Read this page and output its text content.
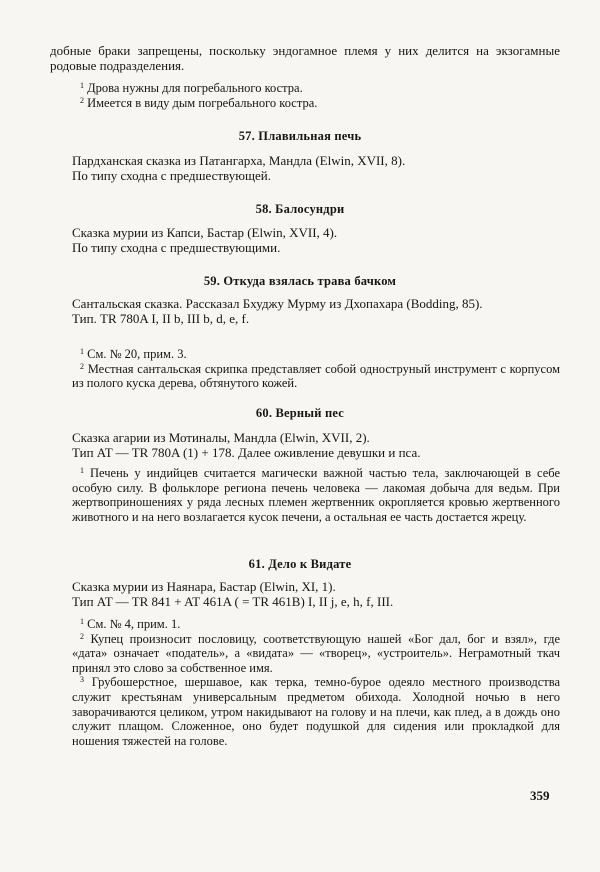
добные браки запрещены, поскольку эндогамное племя у них делится на экзогамные родовые подразделения.

$^1$ Дрова нужны для погребального костра.

$^2$ Имеется в виду дым погребального костра.

57. Плавильная печь

Пардханская сказка из Патангарха, Мандла (Elwin, XVII, 8).

По типу сходна с предшествующей.

58. Балосундри

Сказка мурии из Капси, Бастар (Elwin, XVII, 4).

По типу сходна с предшествующими.

59. Откуда взялась трава бачком

Сантальская сказка. Рассказал Бхуджу Мурму из Дхопахара (Bodding, 85).

Тип. TR 780A I, II b, III b, d, e, f.

$^1$ См. № 20, прим. 3.

$^2$ Местная сантальская скрипка представляет собой одноструный инструмент с корпусом из полого куска дерева, обтянутого кожей.

60. Верный пес

Сказка агарии из Мотиналы, Мандла (Elwin, XVII, 2).

Тип AT — TR 780A (1) + 178. Далее оживление девушки и пса.

$^1$ Печень у индийцев считается магически важной частью тела, заключающей в себе особую силу. В фольклоре региона печень человека — лакомая добыча для ведьм. При жертвоприношениях у ряда лесных племен жертвенник окропляется кровью жертвенного животного и на него возлагается кусок печени, а остальная ее часть достается жрецу.

61. Дело к Видате

Сказка мурии из Наянара, Бастар (Elwin, XI, 1).

Тип AT — TR 841 + AT 461A ( = TR 461B) I, II j, e, h, f, III.

$^1$ См. № 4, прим. 1.

$^2$ Купец произносит пословицу, соответствующую нашей «Бог дал, бог и взял», где «дата» означает «податель», а «видата» — «творец», «устроитель». Неграмотный ткач принял это слово за собственное имя.

$^3$ Грубошерстное, шершавое, как терка, темно-бурое одеяло местного производства служит крестьянам универсальным предметом обихода. Холодной ночью в него заворачиваются целиком, утром накидывают на голову и на плечи, как плед, а в дождь оно служит плащом. Сложенное, оно будет подушкой для сидения или прокладкой для ношения тяжестей на голове.

359
